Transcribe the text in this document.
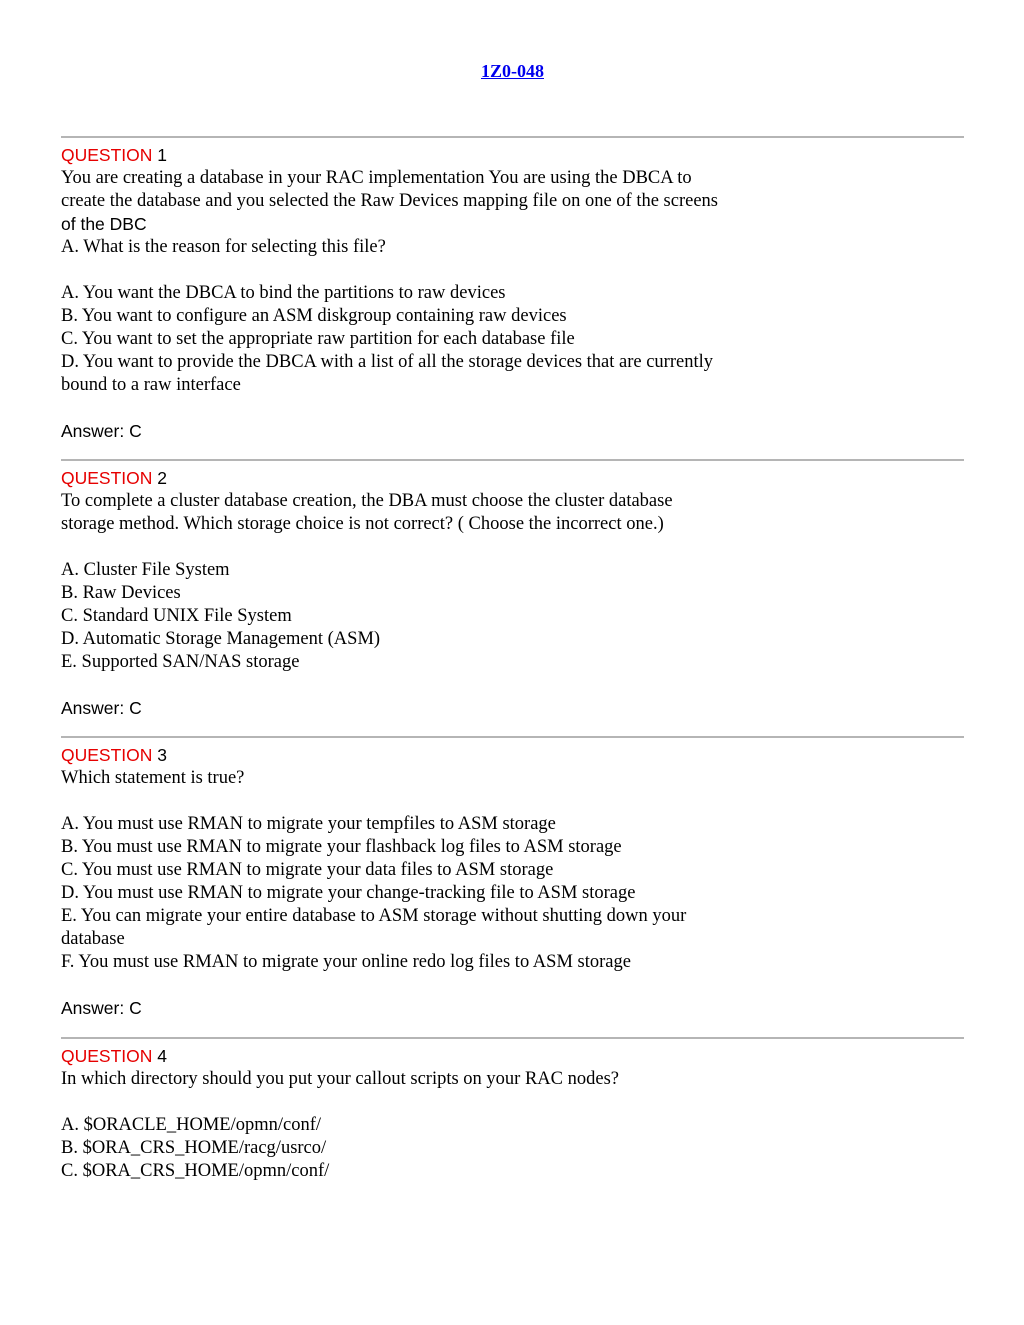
1Z0-048
QUESTION 1
You are creating a database in your RAC implementation You are using the DBCA to
create the database and you selected the Raw Devices mapping file on one of the screens
of the DBC
A. What is the reason for selecting this file?
A. You want the DBCA to bind the partitions to raw devices
B. You want to configure an ASM diskgroup containing raw devices
C. You want to set the appropriate raw partition for each database file
D. You want to provide the DBCA with a list of all the storage devices that are currently
bound to a raw interface
Answer: C
QUESTION 2
To complete a cluster database creation, the DBA must choose the cluster database
storage method. Which storage choice is not correct? ( Choose the incorrect one.)
A. Cluster File System
B. Raw Devices
C. Standard UNIX File System
D. Automatic Storage Management (ASM)
E. Supported SAN/NAS storage
Answer: C
QUESTION 3
Which statement is true?
A. You must use RMAN to migrate your tempfiles to ASM storage
B. You must use RMAN to migrate your flashback log files to ASM storage
C. You must use RMAN to migrate your data files to ASM storage
D. You must use RMAN to migrate your change-tracking file to ASM storage
E. You can migrate your entire database to ASM storage without shutting down your
database
F. You must use RMAN to migrate your online redo log files to ASM storage
Answer: C
QUESTION 4
In which directory should you put your callout scripts on your RAC nodes?
A. $ORACLE_HOME/opmn/conf/
B. $ORA_CRS_HOME/racg/usrco/
C. $ORA_CRS_HOME/opmn/conf/
